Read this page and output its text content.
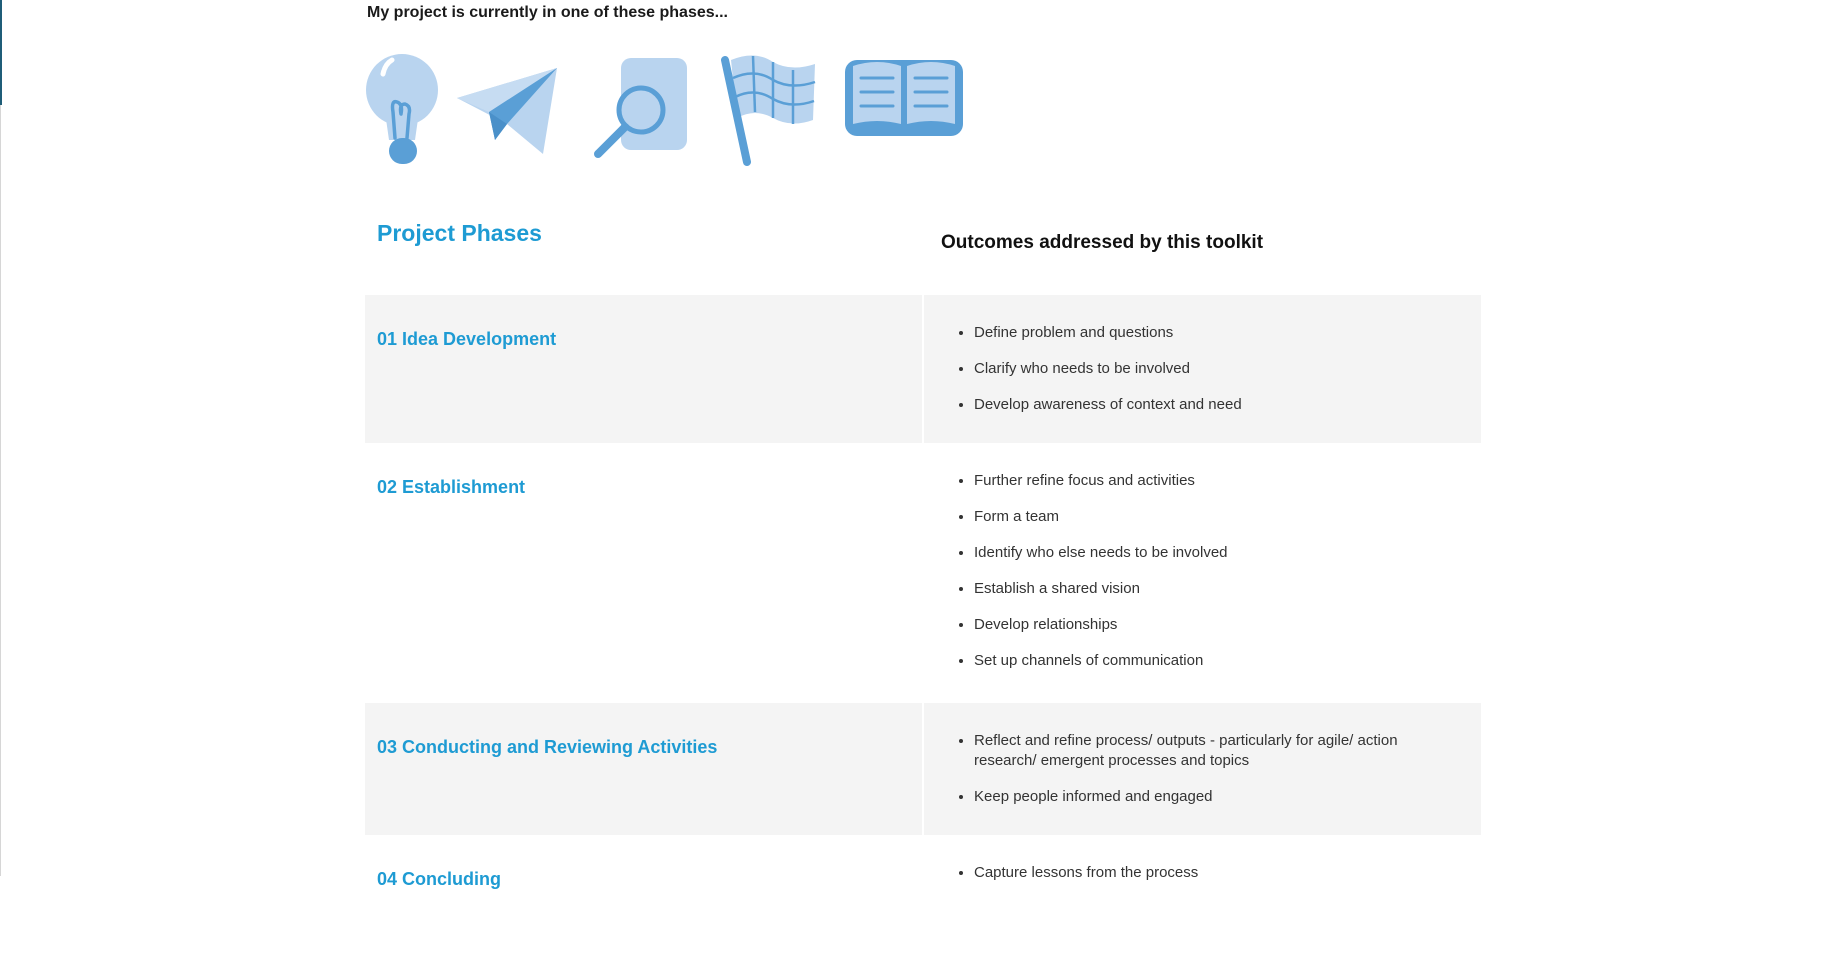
My project is currently in one of these phases...

Project Phases	Outcomes addressed by this toolkit
01 Idea Development	• Define problem and questions
• Clarify who needs to be involved
• Develop awareness of context and need
02 Establishment	• Further refine focus and activities
• Form a team
• Identify who else needs to be involved
• Establish a shared vision
• Develop relationships
• Set up channels of communication
03 Conducting and Reviewing Activities	• Reflect and refine process/ outputs - particularly for agile/ action research/ emergent processes and topics
• Keep people informed and engaged
04 Concluding	• Capture lessons from the process
